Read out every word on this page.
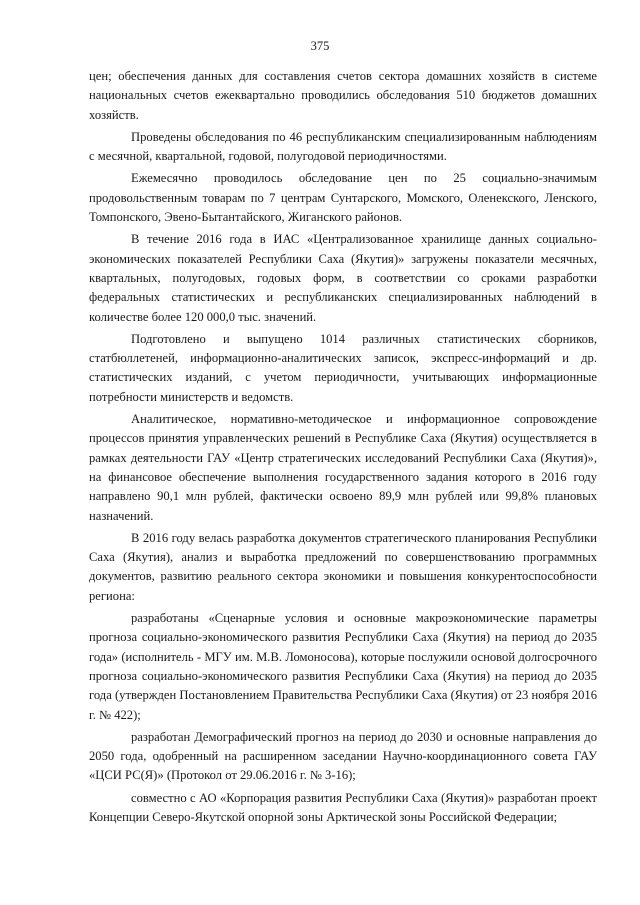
375

цен; обеспечения данных для составления счетов сектора домашних хозяйств в системе национальных счетов ежеквартально проводились обследования 510 бюджетов домашних хозяйств.

Проведены обследования по 46 республиканским специализированным наблюдениям с месячной, квартальной, годовой, полугодовой периодичностями.

Ежемесячно проводилось обследование цен по 25 социально-значимым продовольственным товарам по 7 центрам Сунтарского, Момского, Оленекского, Ленского, Томпонского, Эвено-Бытантайского, Жиганского районов.

В течение 2016 года в ИАС «Централизованное хранилище данных социально-экономических показателей Республики Саха (Якутия)» загружены показатели месячных, квартальных, полугодовых, годовых форм, в соответствии со сроками разработки федеральных статистических и республиканских специализированных наблюдений в количестве более 120 000,0 тыс. значений.

Подготовлено и выпущено 1014 различных статистических сборников, статбюллетеней, информационно-аналитических записок, экспресс-информаций и др. статистических изданий, с учетом периодичности, учитывающих информационные потребности министерств и ведомств.

Аналитическое, нормативно-методическое и информационное сопровождение процессов принятия управленческих решений в Республике Саха (Якутия) осуществляется в рамках деятельности ГАУ «Центр стратегических исследований Республики Саха (Якутия)», на финансовое обеспечение выполнения государственного задания которого в 2016 году направлено 90,1 млн рублей, фактически освоено 89,9 млн рублей или 99,8% плановых назначений.

В 2016 году велась разработка документов стратегического планирования Республики Саха (Якутия), анализ и выработка предложений по совершенствованию программных документов, развитию реального сектора экономики и повышения конкурентоспособности региона:

разработаны «Сценарные условия и основные макроэкономические параметры прогноза социально-экономического развития Республики Саха (Якутия) на период до 2035 года» (исполнитель - МГУ им. М.В. Ломоносова), которые послужили основой долгосрочного прогноза социально-экономического развития Республики Саха (Якутия) на период до 2035 года (утвержден Постановлением Правительства Республики Саха (Якутия) от 23 ноября 2016 г. № 422);

разработан Демографический прогноз на период до 2030 и основные направления до 2050 года, одобренный на расширенном заседании Научно-координационного совета ГАУ «ЦСИ РС(Я)» (Протокол от 29.06.2016 г. № 3-16);

совместно с АО «Корпорация развития Республики Саха (Якутия)» разработан проект Концепции Северо-Якутской опорной зоны Арктической зоны Российской Федерации;
